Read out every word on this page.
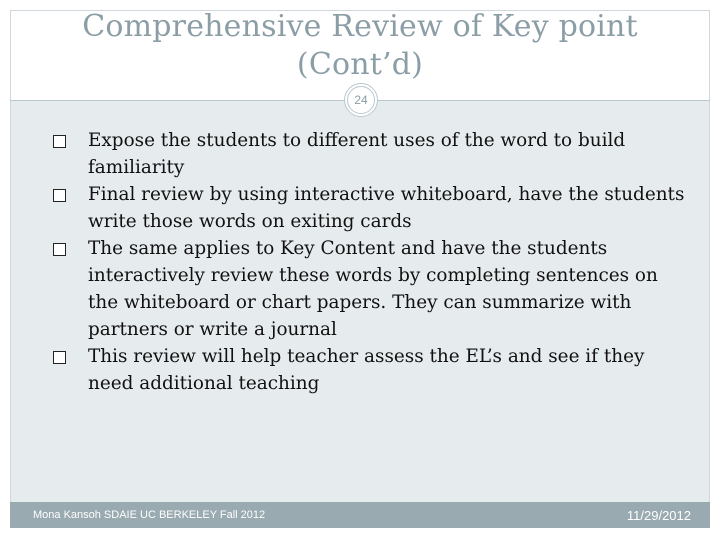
Comprehensive Review of Key point (Cont’d)
24
Expose the students to different uses of the word to build familiarity
Final review by using interactive whiteboard, have the students write those words on exiting cards
The same applies to Key Content and have the students interactively review these words by completing sentences on the whiteboard or chart papers. They can summarize with partners or write a journal
This review will help teacher assess the EL’s and see if they need additional teaching
Mona Kansoh SDAIE UC BERKELEY Fall 2012	11/29/2012
